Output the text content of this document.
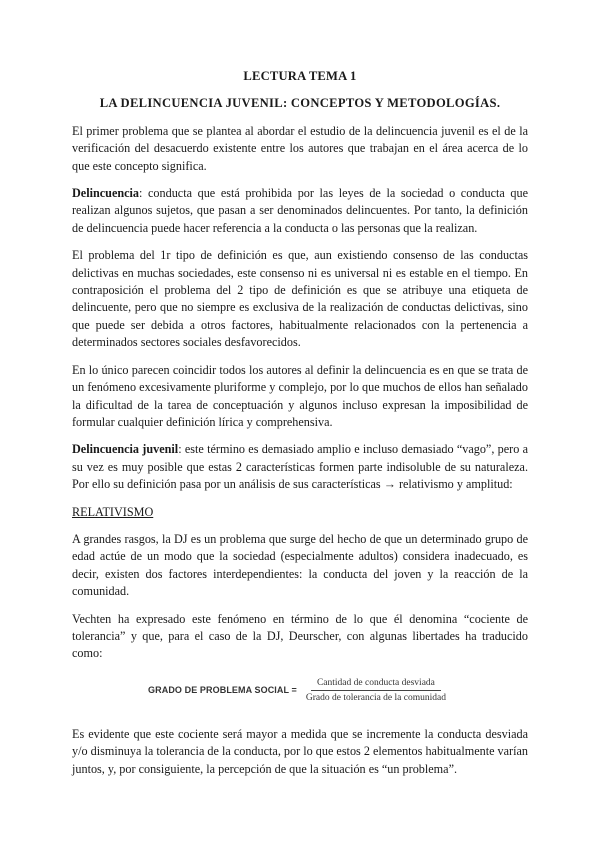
LECTURA TEMA 1
LA DELINCUENCIA JUVENIL: CONCEPTOS Y METODOLOGÍAS.

El primer problema que se plantea al abordar el estudio de la delincuencia juvenil es el de la verificación del desacuerdo existente entre los autores que trabajan en el área acerca de lo que este concepto significa.

Delincuencia: conducta que está prohibida por las leyes de la sociedad o conducta que realizan algunos sujetos, que pasan a ser denominados delincuentes. Por tanto, la definición de delincuencia puede hacer referencia a la conducta o las personas que la realizan.

El problema del 1r tipo de definición es que, aun existiendo consenso de las conductas delictivas en muchas sociedades, este consenso ni es universal ni es estable en el tiempo. En contraposición el problema del 2 tipo de definición es que se atribuye una etiqueta de delincuente, pero que no siempre es exclusiva de la realización de conductas delictivas, sino que puede ser debida a otros factores, habitualmente relacionados con la pertenencia a determinados sectores sociales desfavorecidos.

En lo único parecen coincidir todos los autores al definir la delincuencia es en que se trata de un fenómeno excesivamente pluriforme y complejo, por lo que muchos de ellos han señalado la dificultad de la tarea de conceptuación y algunos incluso expresan la imposibilidad de formular cualquier definición lírica y comprehensiva.

Delincuencia juvenil: este término es demasiado amplio e incluso demasiado “vago”, pero a su vez es muy posible que estas 2 características formen parte indisoluble de su naturaleza. Por ello su definición pasa por un análisis de sus características → relativismo y amplitud:

RELATIVISMO

A grandes rasgos, la DJ es un problema que surge del hecho de que un determinado grupo de edad actúe de un modo que la sociedad (especialmente adultos) considera inadecuado, es decir, existen dos factores interdependientes: la conducta del joven y la reacción de la comunidad.

Vechten ha expresado este fenómeno en término de lo que él denomina “cociente de tolerancia” y que, para el caso de la DJ, Deurscher, con algunas libertades ha traducido como:

GRADO DE PROBLEMA SOCIAL = $\frac{\text{Cantidad de conducta desviada}}{\text{Grado de tolerancia de la comunidad}}$

Es evidente que este cociente será mayor a medida que se incremente la conducta desviada y/o disminuya la tolerancia de la conducta, por lo que estos 2 elementos habitualmente varían juntos, y, por consiguiente, la percepción de que la situación es “un problema”.
